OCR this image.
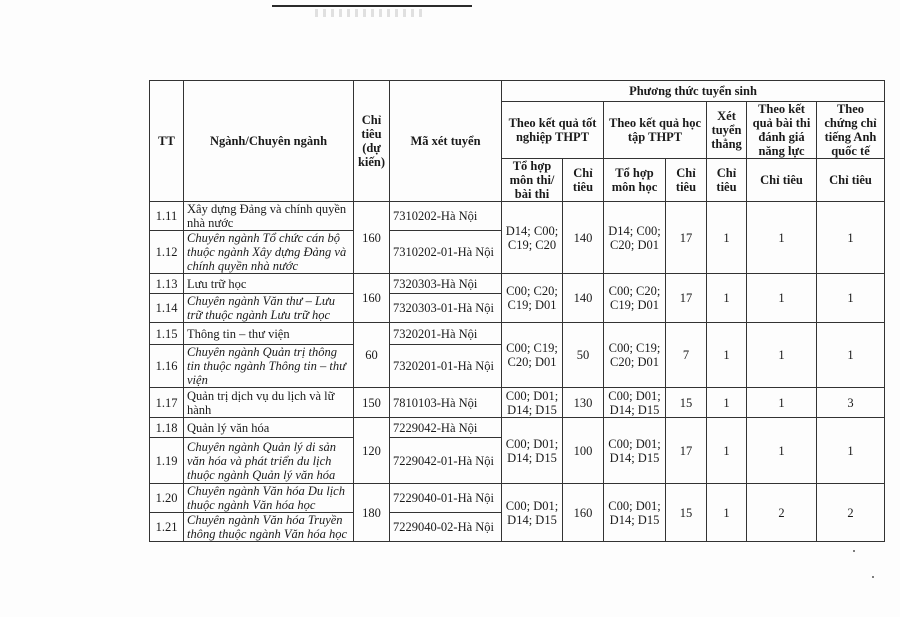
TT	Ngành/Chuyên ngành	Chỉ tiêu (dự kiến)	Mã xét tuyển	Phương thức tuyển sinh						
				Theo kết quả tốt nghiệp THPT		Theo kết quả học tập THPT		Xét tuyển thẳng	Theo kết quả bài thi đánh giá năng lực	Theo chứng chỉ tiếng Anh quốc tế
				Tổ hợp môn thi/ bài thi	Chỉ tiêu	Tổ hợp môn học	Chỉ tiêu	Chỉ tiêu	Chỉ tiêu	Chỉ tiêu
1.11	Xây dựng Đảng và chính quyền nhà nước	160	7310202-Hà Nội	D14; C00; C19; C20	140	D14; C00; C20; D01	17	1	1	1
1.12	Chuyên ngành Tổ chức cán bộ thuộc ngành Xây dựng Đảng và chính quyền nhà nước		7310202-01-Hà Nội							
1.13	Lưu trữ học	160	7320303-Hà Nội	C00; C20; C19; D01	140	C00; C20; C19; D01	17	1	1	1
1.14	Chuyên ngành Văn thư – Lưu trữ thuộc ngành Lưu trữ học		7320303-01-Hà Nội							
1.15	Thông tin – thư viện	60	7320201-Hà Nội	C00; C19; C20; D01	50	C00; C19; C20; D01	7	1	1	1
1.16	Chuyên ngành Quản trị thông tin thuộc ngành Thông tin – thư viện		7320201-01-Hà Nội							
1.17	Quản trị dịch vụ du lịch và lữ hành	150	7810103-Hà Nội	C00; D01; D14; D15	130	C00; D01; D14; D15	15	1	1	3
1.18	Quản lý văn hóa	120	7229042-Hà Nội	C00; D01; D14; D15	100	C00; D01; D14; D15	17	1	1	1
1.19	Chuyên ngành Quản lý di sản văn hóa và phát triển du lịch thuộc ngành Quản lý văn hóa		7229042-01-Hà Nội							
1.20	Chuyên ngành Văn hóa Du lịch thuộc ngành Văn hóa học	180	7229040-01-Hà Nội	C00; D01; D14; D15	160	C00; D01; D14; D15	15	1	2	2
1.21	Chuyên ngành Văn hóa Truyền thông thuộc ngành Văn hóa học		7229040-02-Hà Nội							
